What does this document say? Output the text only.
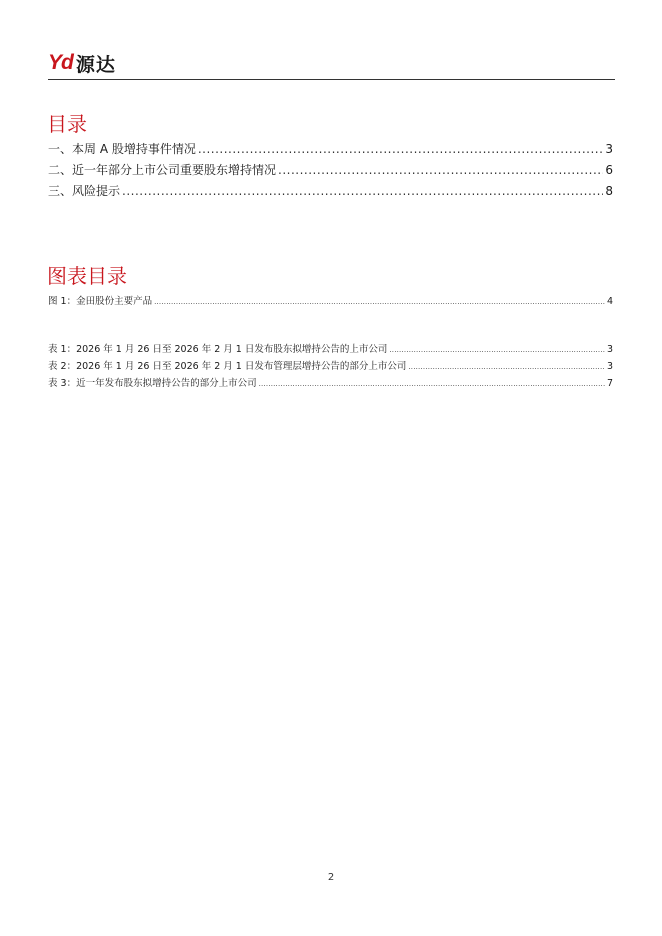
Yd 源达
目录
一、本周 A 股增持事件情况 .....	3
二、近一年部分上市公司重要股东增持情况 .....	6
三、风险提示 .....	8
图表目录
图 1：金田股份主要产品 .....	4
表 1：2026 年 1 月 26 日至 2026 年 2 月 1 日发布股东拟增持公告的上市公司 .....	3
表 2：2026 年 1 月 26 日至 2026 年 2 月 1 日发布管理层增持公告的部分上市公司 .....	3
表 3：近一年发布股东拟增持公告的部分上市公司 .....	7
2
